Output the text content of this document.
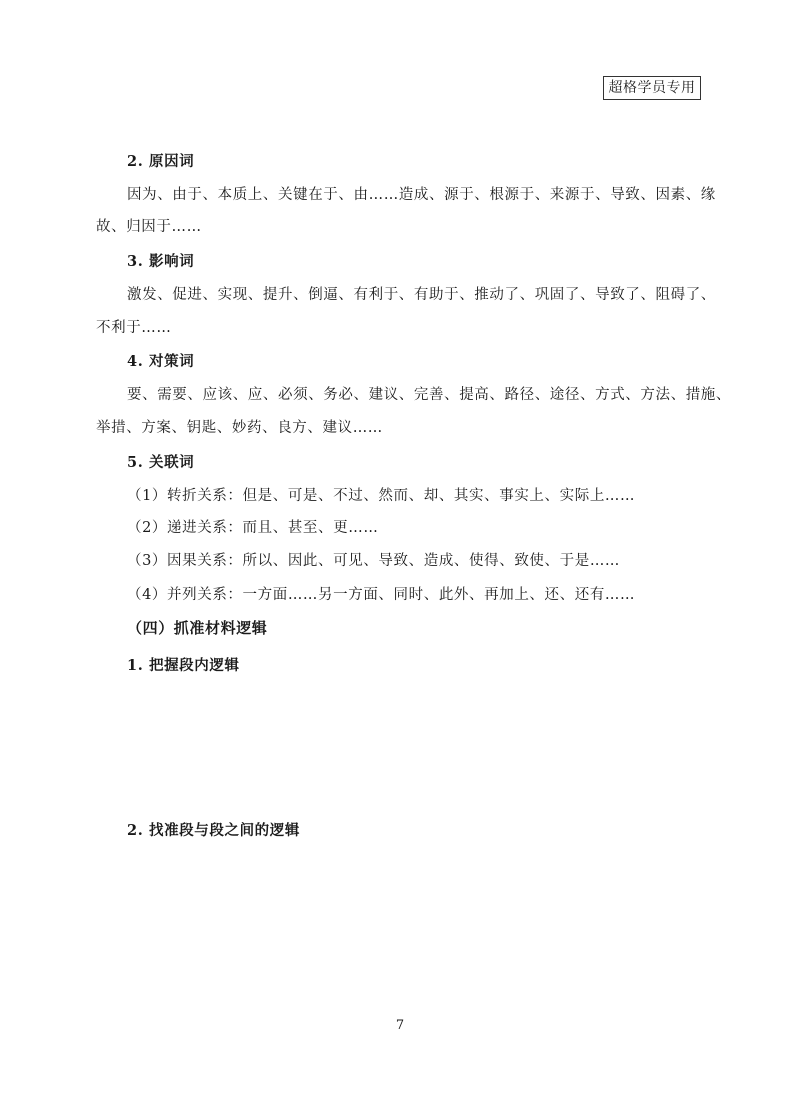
超格学员专用
2. 原因词
因为、由于、本质上、关键在于、由……造成、源于、根源于、来源于、导致、因素、缘
故、归因于……
3. 影响词
激发、促进、实现、提升、倒逼、有利于、有助于、推动了、巩固了、导致了、阻碍了、
不利于……
4. 对策词
要、需要、应该、应、必须、务必、建议、完善、提高、路径、途径、方式、方法、措施、
举措、方案、钥匙、妙药、良方、建议……
5. 关联词
（1）转折关系：但是、可是、不过、然而、却、其实、事实上、实际上……
（2）递进关系：而且、甚至、更……
（3）因果关系：所以、因此、可见、导致、造成、使得、致使、于是……
（4）并列关系：一方面……另一方面、同时、此外、再加上、还、还有……
（四）抓准材料逻辑
1. 把握段内逻辑
2. 找准段与段之间的逻辑
7
